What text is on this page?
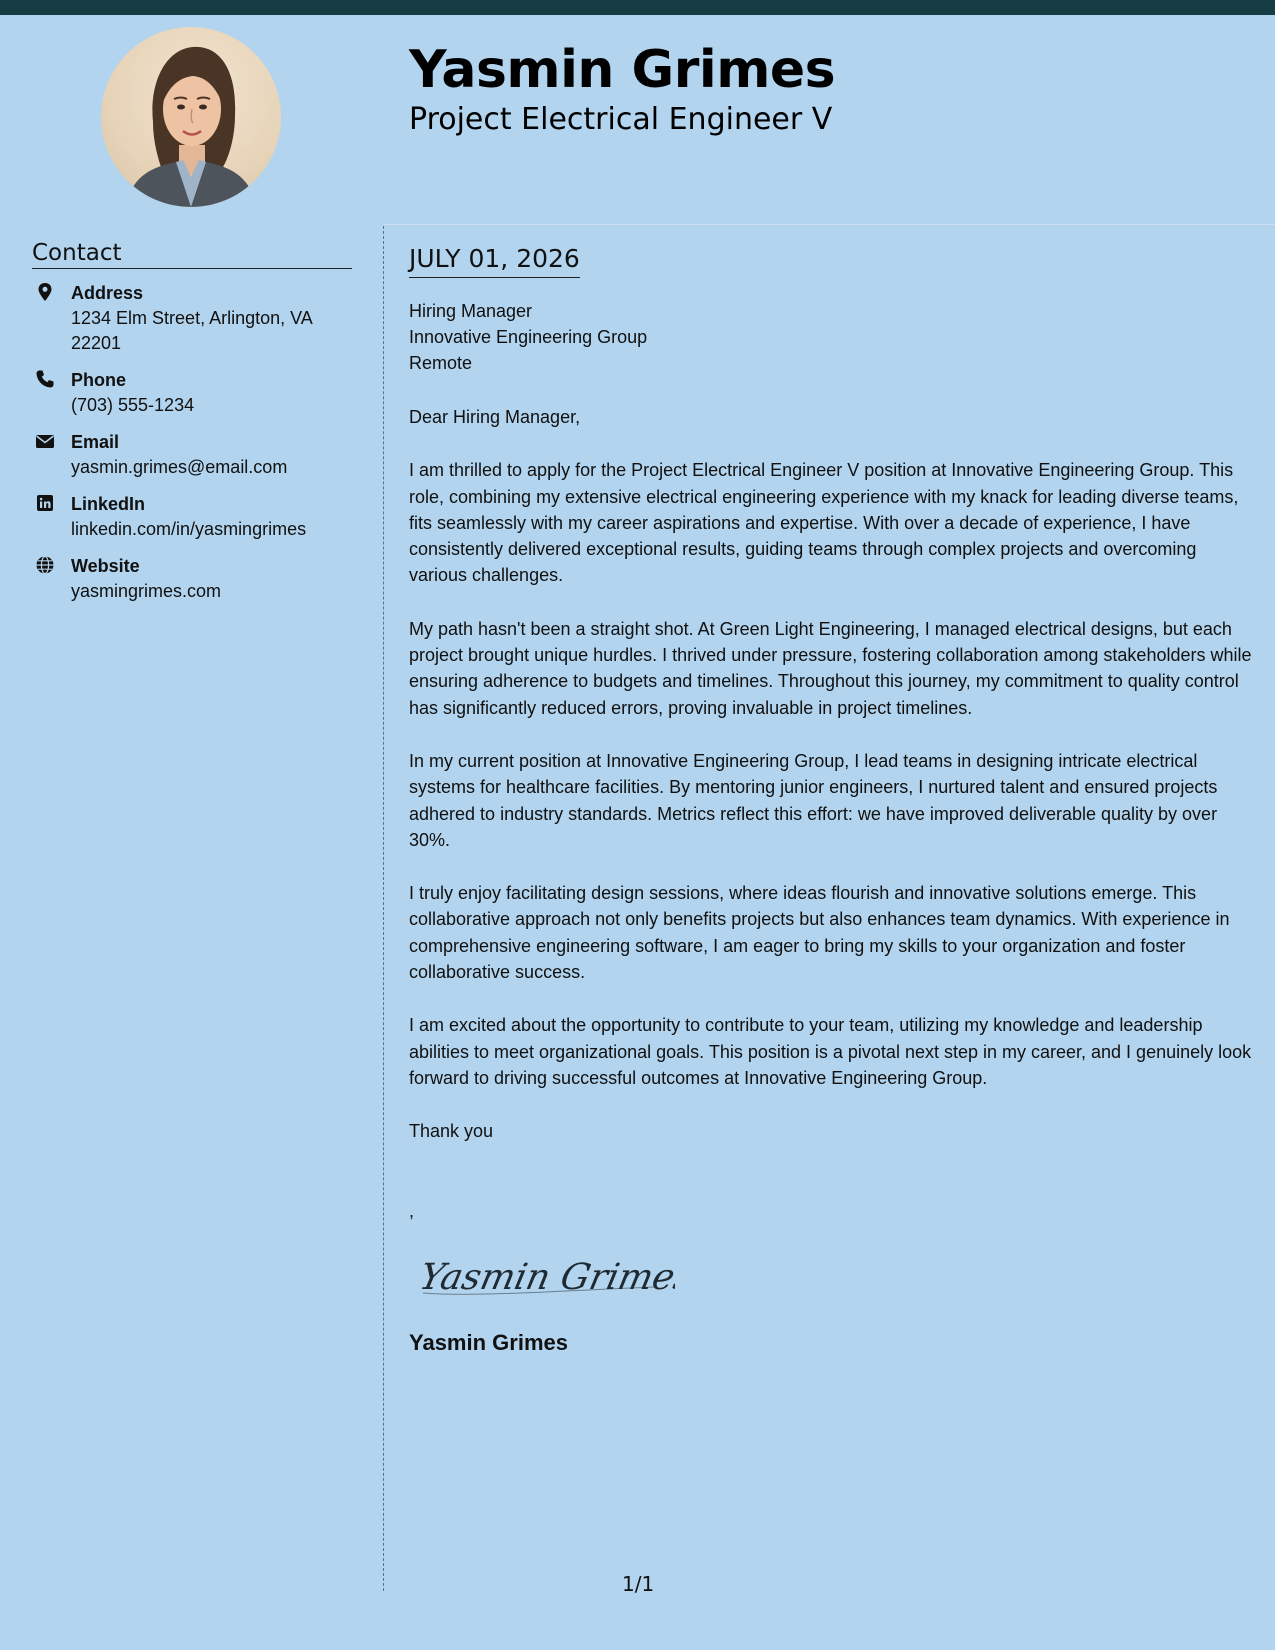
Yasmin Grimes
Project Electrical Engineer V
Contact
Address
1234 Elm Street, Arlington, VA 22201
Phone
(703) 555-1234
Email
yasmin.grimes@email.com
LinkedIn
linkedin.com/in/yasmingrimes
Website
yasmingrimes.com
JULY 01, 2026
Hiring Manager
Innovative Engineering Group
Remote

Dear Hiring Manager,

I am thrilled to apply for the Project Electrical Engineer V position at Innovative Engineering Group. This role, combining my extensive electrical engineering experience with my knack for leading diverse teams, fits seamlessly with my career aspirations and expertise. With over a decade of experience, I have consistently delivered exceptional results, guiding teams through complex projects and overcoming various challenges.

My path hasn't been a straight shot. At Green Light Engineering, I managed electrical designs, but each project brought unique hurdles. I thrived under pressure, fostering collaboration among stakeholders while ensuring adherence to budgets and timelines. Throughout this journey, my commitment to quality control has significantly reduced errors, proving invaluable in project timelines.

In my current position at Innovative Engineering Group, I lead teams in designing intricate electrical systems for healthcare facilities. By mentoring junior engineers, I nurtured talent and ensured projects adhered to industry standards. Metrics reflect this effort: we have improved deliverable quality by over 30%.

I truly enjoy facilitating design sessions, where ideas flourish and innovative solutions emerge. This collaborative approach not only benefits projects but also enhances team dynamics. With experience in comprehensive engineering software, I am eager to bring my skills to your organization and foster collaborative success.

I am excited about the opportunity to contribute to your team, utilizing my knowledge and leadership abilities to meet organizational goals. This position is a pivotal next step in my career, and I genuinely look forward to driving successful outcomes at Innovative Engineering Group.

Thank you

,
Yasmin Grimes
Yasmin Grimes
1/1
